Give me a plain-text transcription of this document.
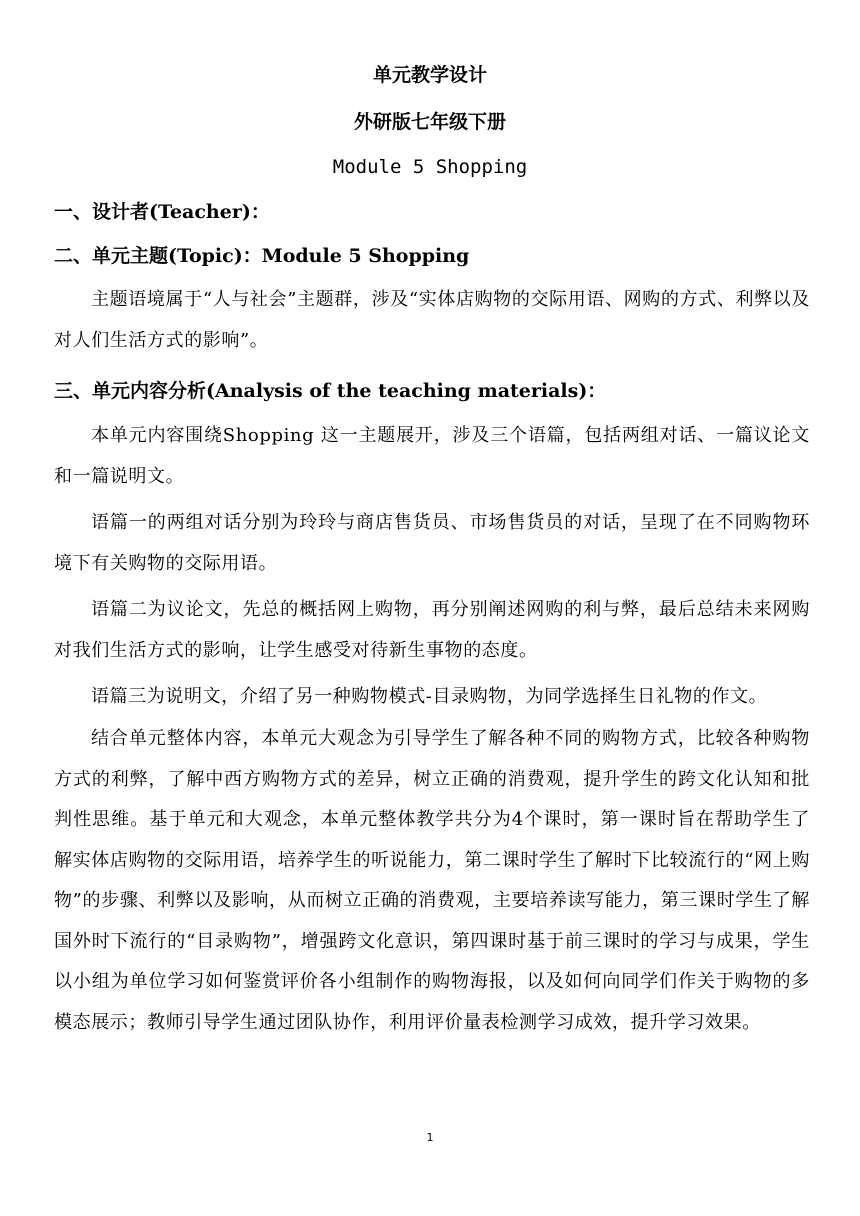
单元教学设计
外研版七年级下册
Module 5 Shopping
一、设计者(Teacher)：
二、单元主题(Topic)：Module 5 Shopping

主题语境属于“人与社会”主题群，涉及“实体店购物的交际用语、网购的方式、利弊以及对人们生活方式的影响”。

三、单元内容分析(Analysis of the teaching materials)：

本单元内容围绕Shopping 这一主题展开，涉及三个语篇，包括两组对话、一篇议论文和一篇说明文。

语篇一的两组对话分别为玲玲与商店售货员、市场售货员的对话，呈现了在不同购物环境下有关购物的交际用语。

语篇二为议论文，先总的概括网上购物，再分别阐述网购的利与弊，最后总结未来网购对我们生活方式的影响，让学生感受对待新生事物的态度。

语篇三为说明文，介绍了另一种购物模式-目录购物，为同学选择生日礼物的作文。

结合单元整体内容，本单元大观念为引导学生了解各种不同的购物方式，比较各种购物方式的利弊，了解中西方购物方式的差异，树立正确的消费观，提升学生的跨文化认知和批判性思维。基于单元和大观念，本单元整体教学共分为4个课时，第一课时旨在帮助学生了解实体店购物的交际用语，培养学生的听说能力，第二课时学生了解时下比较流行的“网上购物”的步骤、利弊以及影响，从而树立正确的消费观，主要培养读写能力，第三课时学生了解国外时下流行的“目录购物”，增强跨文化意识，第四课时基于前三课时的学习与成果，学生以小组为单位学习如何鉴赏评价各小组制作的购物海报，以及如何向同学们作关于购物的多模态展示；教师引导学生通过团队协作，利用评价量表检测学习成效，提升学习效果。

1
